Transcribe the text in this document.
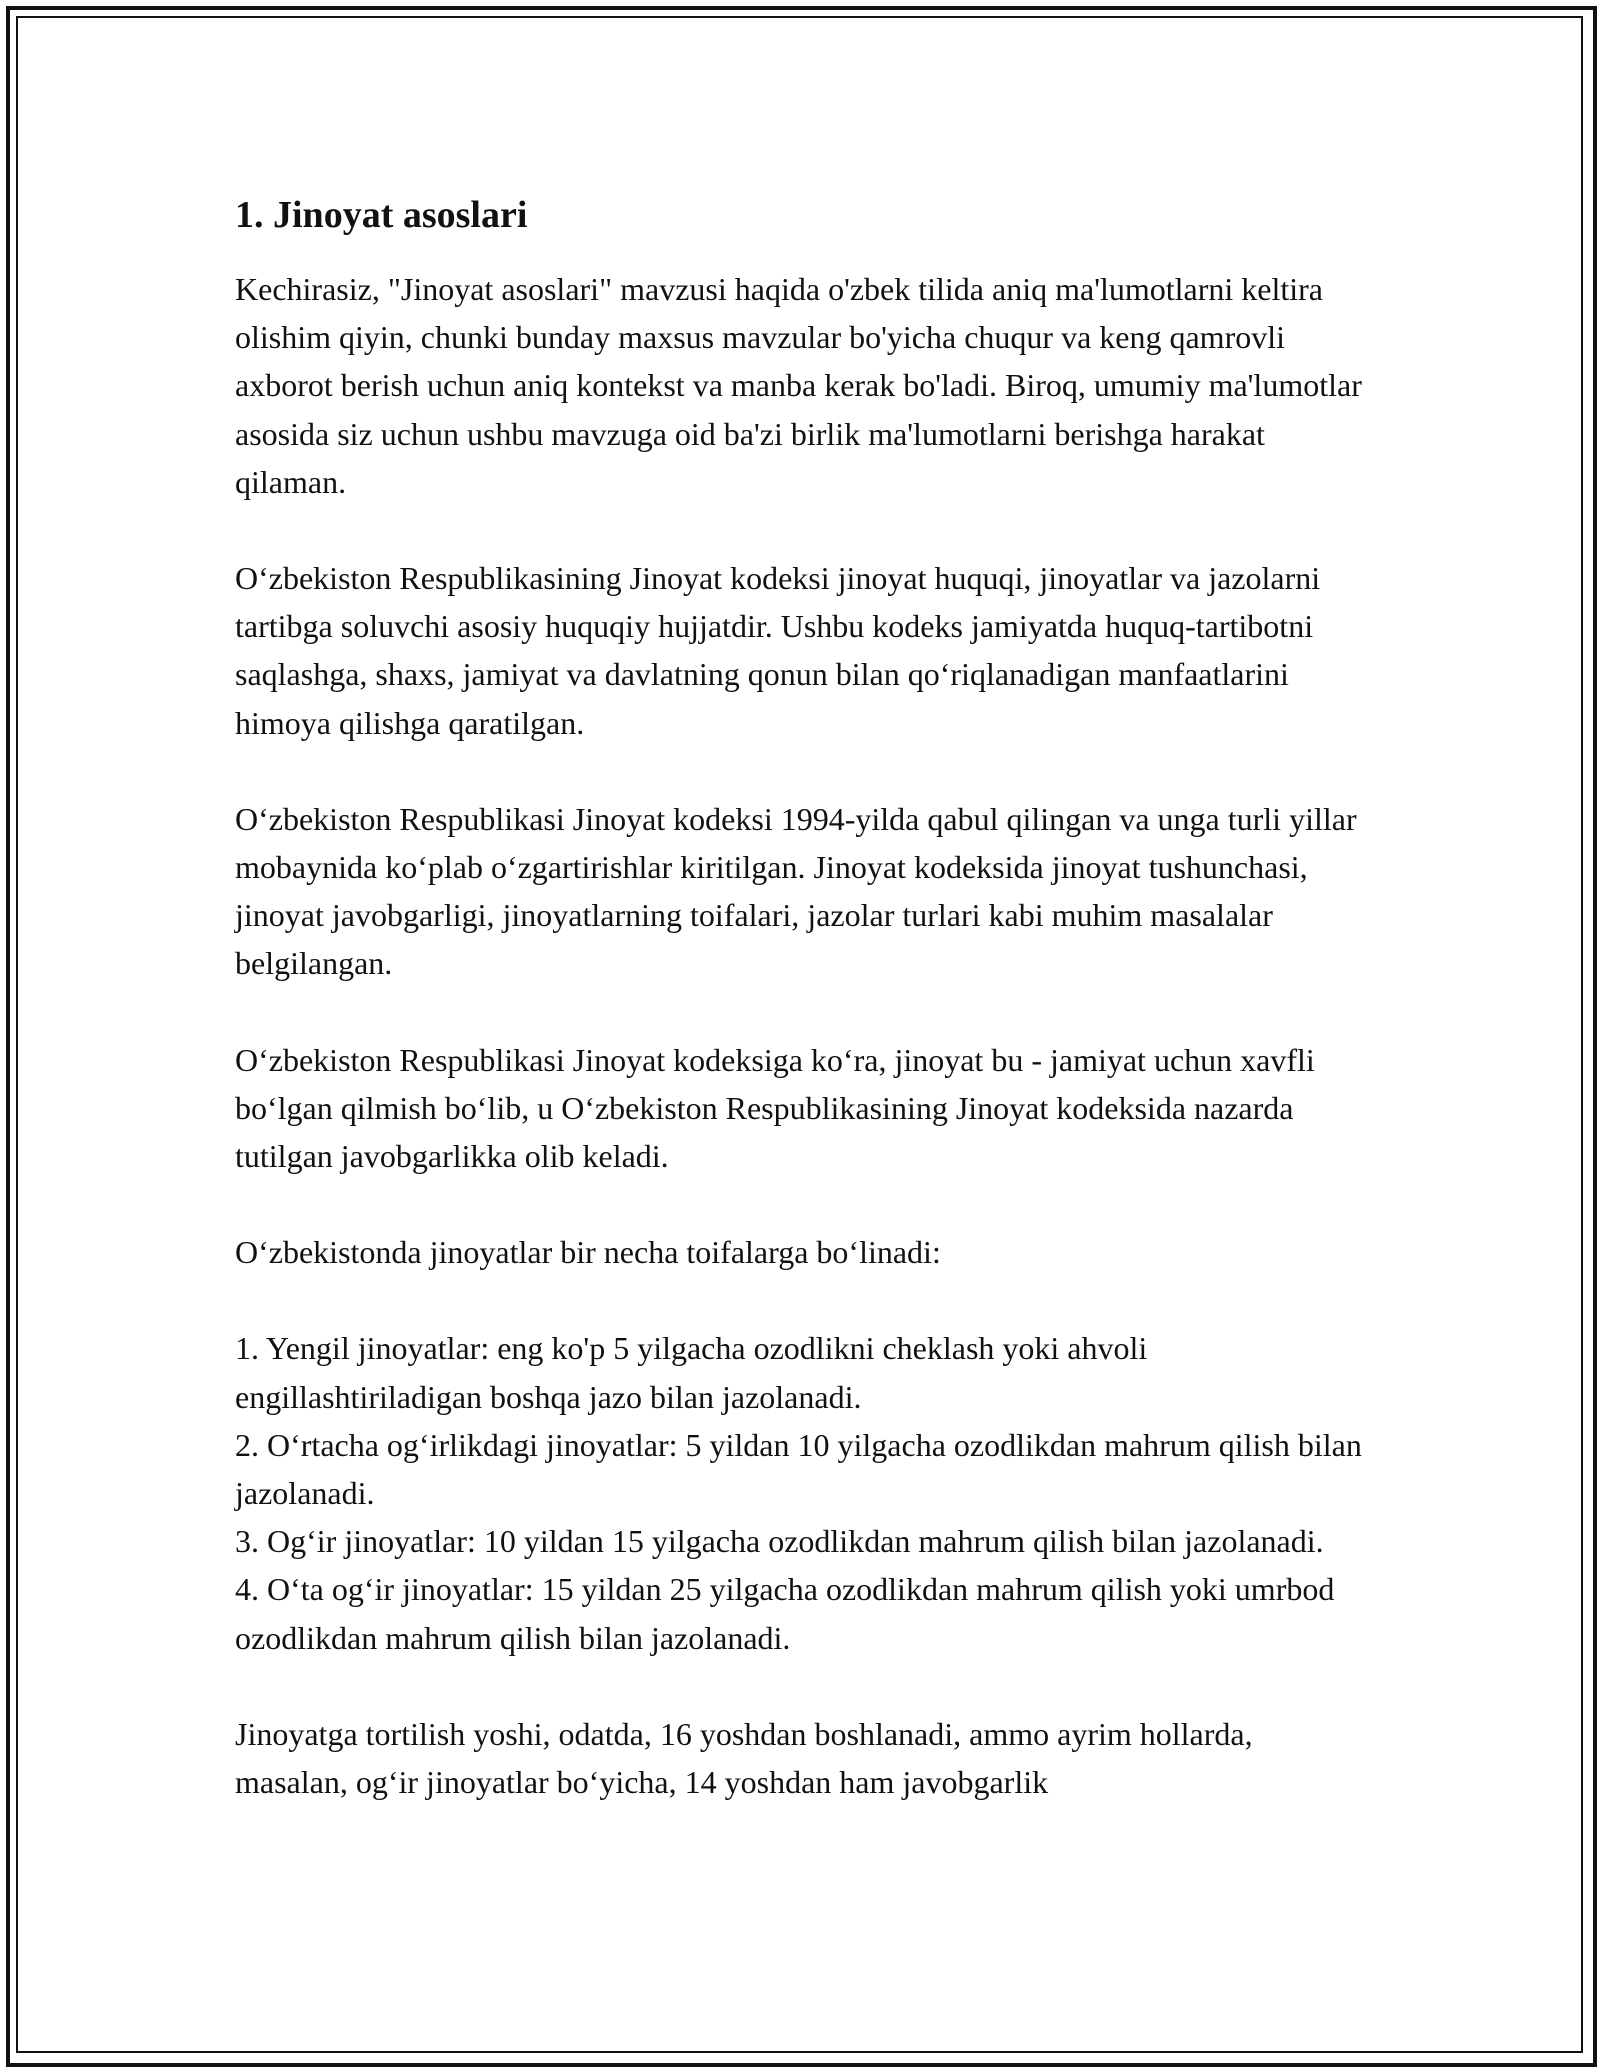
1. Jinoyat asoslari

Kechirasiz, "Jinoyat asoslari" mavzusi haqida o'zbek tilida aniq ma'lumotlarni keltira olishim qiyin, chunki bunday maxsus mavzular bo'yicha chuqur va keng qamrovli axborot berish uchun aniq kontekst va manba kerak bo'ladi. Biroq, umumiy ma'lumotlar asosida siz uchun ushbu mavzuga oid ba'zi birlik ma'lumotlarni berishga harakat qilaman.

O‘zbekiston Respublikasining Jinoyat kodeksi jinoyat huquqi, jinoyatlar va jazolarni tartibga soluvchi asosiy huquqiy hujjatdir. Ushbu kodeks jamiyatda huquq-tartibotni saqlashga, shaxs, jamiyat va davlatning qonun bilan qo‘riqlanadigan manfaatlarini himoya qilishga qaratilgan.

O‘zbekiston Respublikasi Jinoyat kodeksi 1994-yilda qabul qilingan va unga turli yillar mobaynida ko‘plab o‘zgartirishlar kiritilgan. Jinoyat kodeksida jinoyat tushunchasi, jinoyat javobgarligi, jinoyatlarning toifalari, jazolar turlari kabi muhim masalalar belgilangan.

O‘zbekiston Respublikasi Jinoyat kodeksiga ko‘ra, jinoyat bu - jamiyat uchun xavfli bo‘lgan qilmish bo‘lib, u O‘zbekiston Respublikasining Jinoyat kodeksida nazarda tutilgan javobgarlikka olib keladi.

O‘zbekistonda jinoyatlar bir necha toifalarga bo‘linadi:

1. Yengil jinoyatlar: eng ko'p 5 yilgacha ozodlikni cheklash yoki ahvoli engillashtiriladigan boshqa jazo bilan jazolanadi.

2. O‘rtacha og‘irlikdagi jinoyatlar: 5 yildan 10 yilgacha ozodlikdan mahrum qilish bilan jazolanadi.

3. Og‘ir jinoyatlar: 10 yildan 15 yilgacha ozodlikdan mahrum qilish bilan jazolanadi.

4. O‘ta og‘ir jinoyatlar: 15 yildan 25 yilgacha ozodlikdan mahrum qilish yoki umrbod ozodlikdan mahrum qilish bilan jazolanadi.

Jinoyatga tortilish yoshi, odatda, 16 yoshdan boshlanadi, ammo ayrim hollarda, masalan, og‘ir jinoyatlar bo‘yicha, 14 yoshdan ham javobgarlik
